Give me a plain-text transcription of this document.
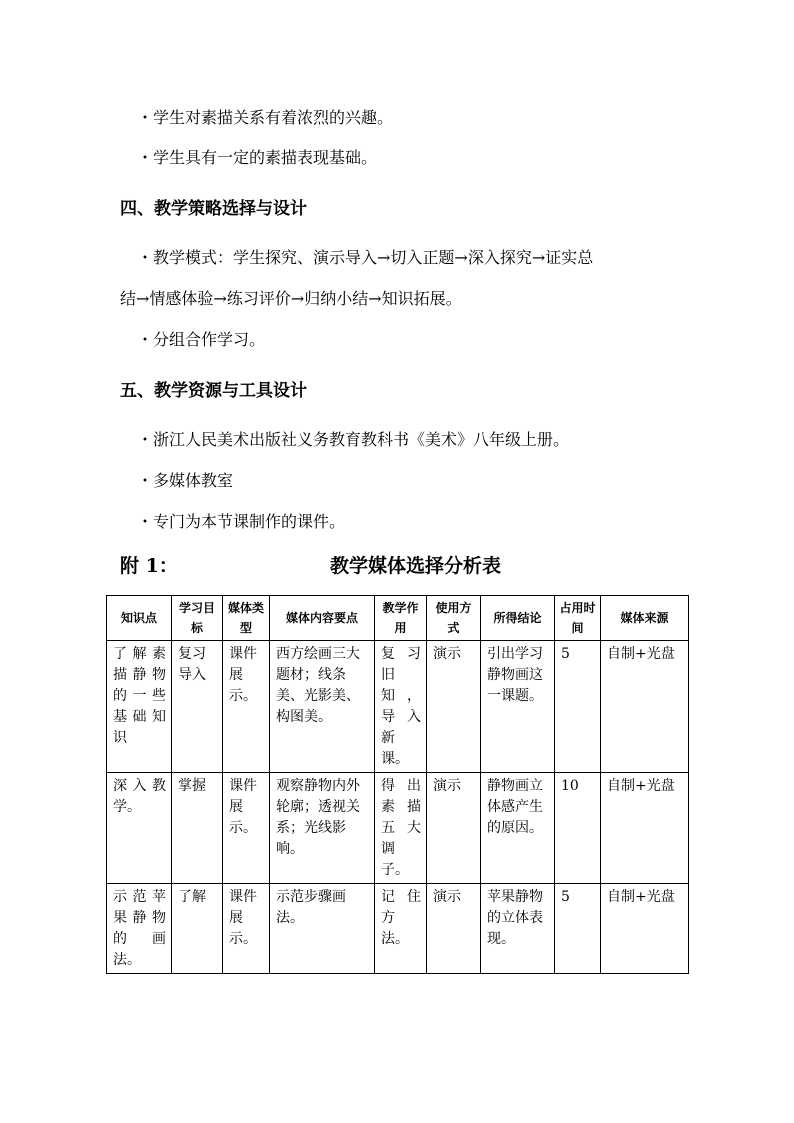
・学生对素描关系有着浓烈的兴趣。
・学生具有一定的素描表现基础。
四、教学策略选择与设计
・教学模式：学生探究、演示导入→切入正题→深入探究→证实总
结→情感体验→练习评价→归纳小结→知识拓展。
・分组合作学习。
五、教学资源与工具设计
・浙江人民美术出版社义务教育教科书《美术》八年级上册。
・多媒体教室
・专门为本节课制作的课件。
附 1：	教学媒体选择分析表
知识点	学习目标	媒体类型	媒体内容要点	教学作用	使用方式	所得结论	占用时间	媒体来源
了解素描静物的一些基础知识	复习导入	课件展示。	西方绘画三大题材；线条美、光影美、构图美。	复习旧知，导入新课。	演示	引出学习静物画这一课题。	5	自制+光盘
深入教学。	掌握	课件展示。	观察静物内外轮廓；透视关系；光线影响。	得出素描五大调子。	演示	静物画立体感产生的原因。	10	自制+光盘
示范苹果静物的画法。	了解	课件展示。	示范步骤画法。	记住方法。	演示	苹果静物的立体表现。	5	自制+光盘
